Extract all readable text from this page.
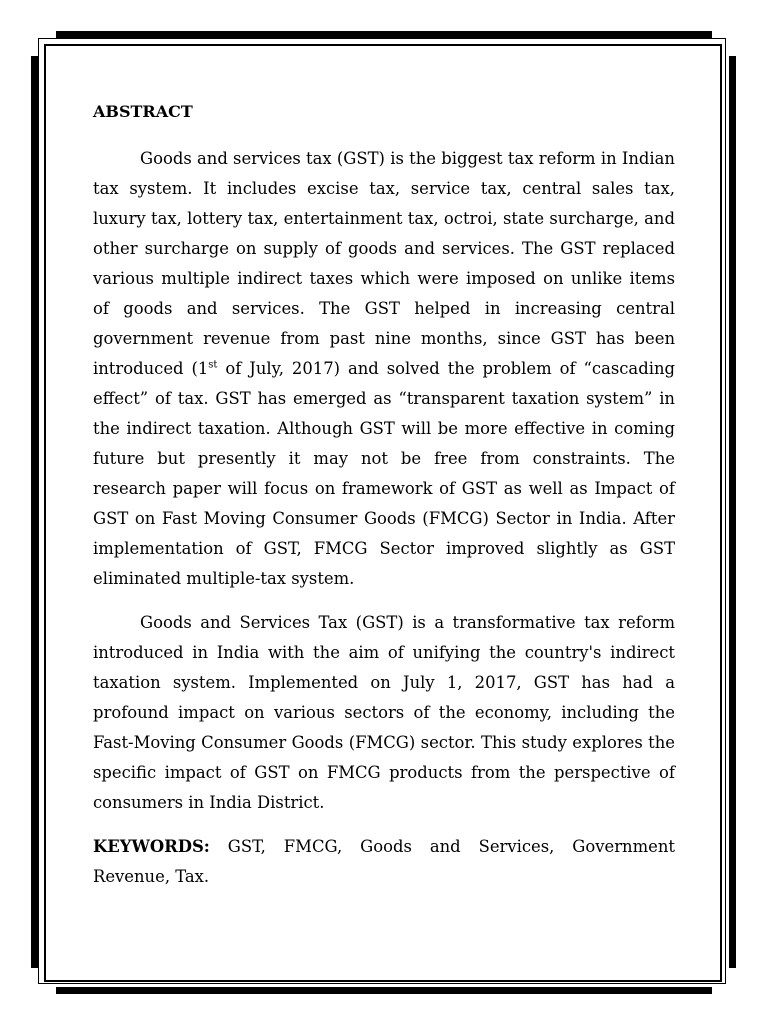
ABSTRACT

Goods and services tax (GST) is the biggest tax reform in Indian tax system. It includes excise tax, service tax, central sales tax, luxury tax, lottery tax, entertainment tax, octroi, state surcharge, and other surcharge on supply of goods and services. The GST replaced various multiple indirect taxes which were imposed on unlike items of goods and services. The GST helped in increasing central government revenue from past nine months, since GST has been introduced (1st of July, 2017) and solved the problem of “cascading effect” of tax. GST has emerged as “transparent taxation system” in the indirect taxation. Although GST will be more effective in coming future but presently it may not be free from constraints. The research paper will focus on framework of GST as well as Impact of GST on Fast Moving Consumer Goods (FMCG) Sector in India. After implementation of GST, FMCG Sector improved slightly as GST eliminated multiple-tax system.

Goods and Services Tax (GST) is a transformative tax reform introduced in India with the aim of unifying the country's indirect taxation system. Implemented on July 1, 2017, GST has had a profound impact on various sectors of the economy, including the Fast-Moving Consumer Goods (FMCG) sector. This study explores the specific impact of GST on FMCG products from the perspective of consumers in India District.

KEYWORDS: GST, FMCG, Goods and Services, Government Revenue, Tax.
